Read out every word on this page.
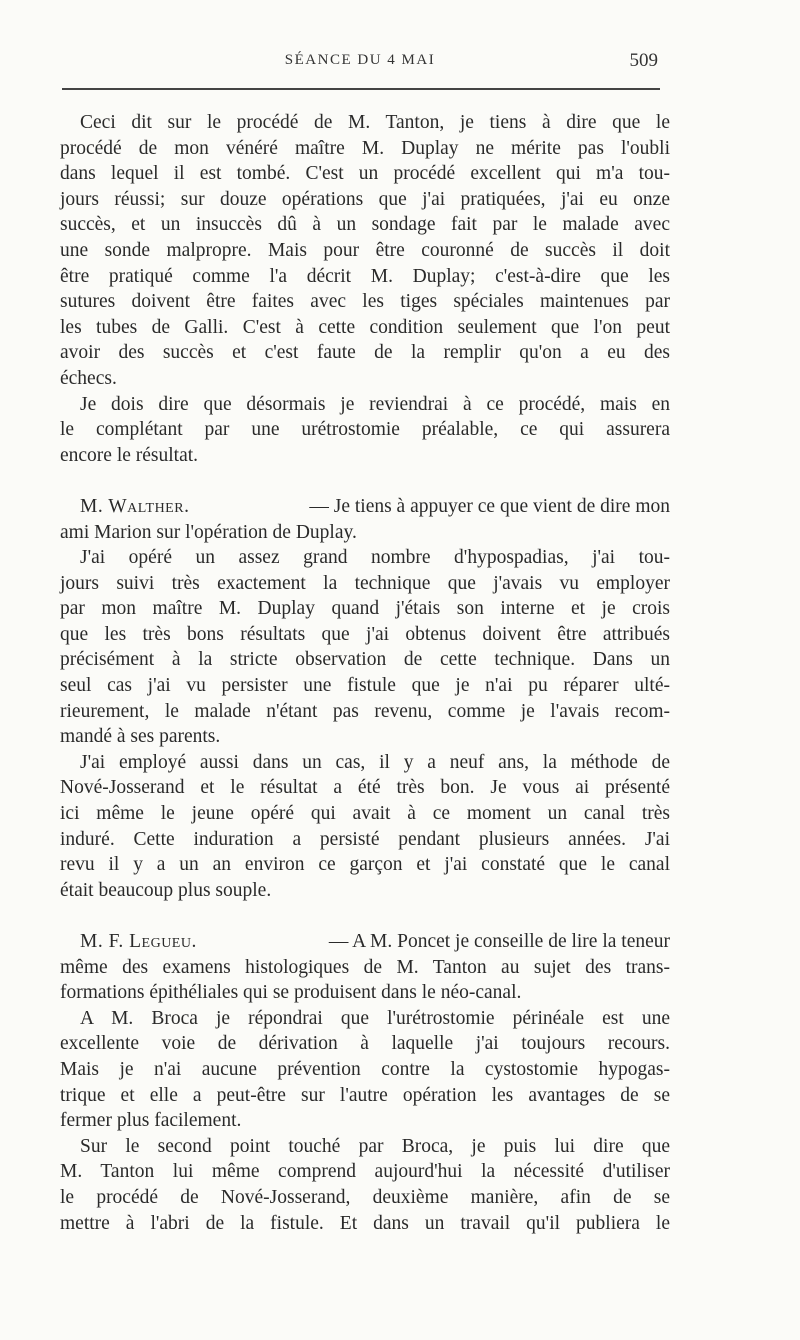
SÉANCE DU 4 MAI	509
Ceci dit sur le procédé de M. Tanton, je tiens à dire que le
procédé de mon vénéré maître M. Duplay ne mérite pas l'oubli
dans lequel il est tombé. C'est un procédé excellent qui m'a tou-
jours réussi; sur douze opérations que j'ai pratiquées, j'ai eu onze
succès, et un insuccès dû à un sondage fait par le malade avec
une sonde malpropre. Mais pour être couronné de succès il doit
être pratiqué comme l'a décrit M. Duplay; c'est-à-dire que les
sutures doivent être faites avec les tiges spéciales maintenues par
les tubes de Galli. C'est à cette condition seulement que l'on peut
avoir des succès et c'est faute de la remplir qu'on a eu des
échecs.
Je dois dire que désormais je reviendrai à ce procédé, mais en
le complétant par une urétrostomie préalable, ce qui assurera
encore le résultat.
M. Walther.	— Je tiens à appuyer ce que vient de dire mon
ami Marion sur l'opération de Duplay.
J'ai opéré un assez grand nombre d'hypospadias, j'ai tou-
jours suivi très exactement la technique que j'avais vu employer
par mon maître M. Duplay quand j'étais son interne et je crois
que les très bons résultats que j'ai obtenus doivent être attribués
précisément à la stricte observation de cette technique. Dans un
seul cas j'ai vu persister une fistule que je n'ai pu réparer ulté-
rieurement, le malade n'étant pas revenu, comme je l'avais recom-
mandé à ses parents.
J'ai employé aussi dans un cas, il y a neuf ans, la méthode de
Nové-Josserand et le résultat a été très bon. Je vous ai présenté
ici même le jeune opéré qui avait à ce moment un canal très
induré. Cette induration a persisté pendant plusieurs années. J'ai
revu il y a un an environ ce garçon et j'ai constaté que le canal
était beaucoup plus souple.
M. F. Legueu.	— A M. Poncet je conseille de lire la teneur
même des examens histologiques de M. Tanton au sujet des trans-
formations épithéliales qui se produisent dans le néo-canal.
A M. Broca je répondrai que l'urétrostomie périnéale est une
excellente voie de dérivation à laquelle j'ai toujours recours.
Mais je n'ai aucune prévention contre la cystostomie hypogas-
trique et elle a peut-être sur l'autre opération les avantages de se
fermer plus facilement.
Sur le second point touché par Broca, je puis lui dire que
M. Tanton lui même comprend aujourd'hui la nécessité d'utiliser
le procédé de Nové-Josserand, deuxième manière, afin de se
mettre à l'abri de la fistule. Et dans un travail qu'il publiera le
